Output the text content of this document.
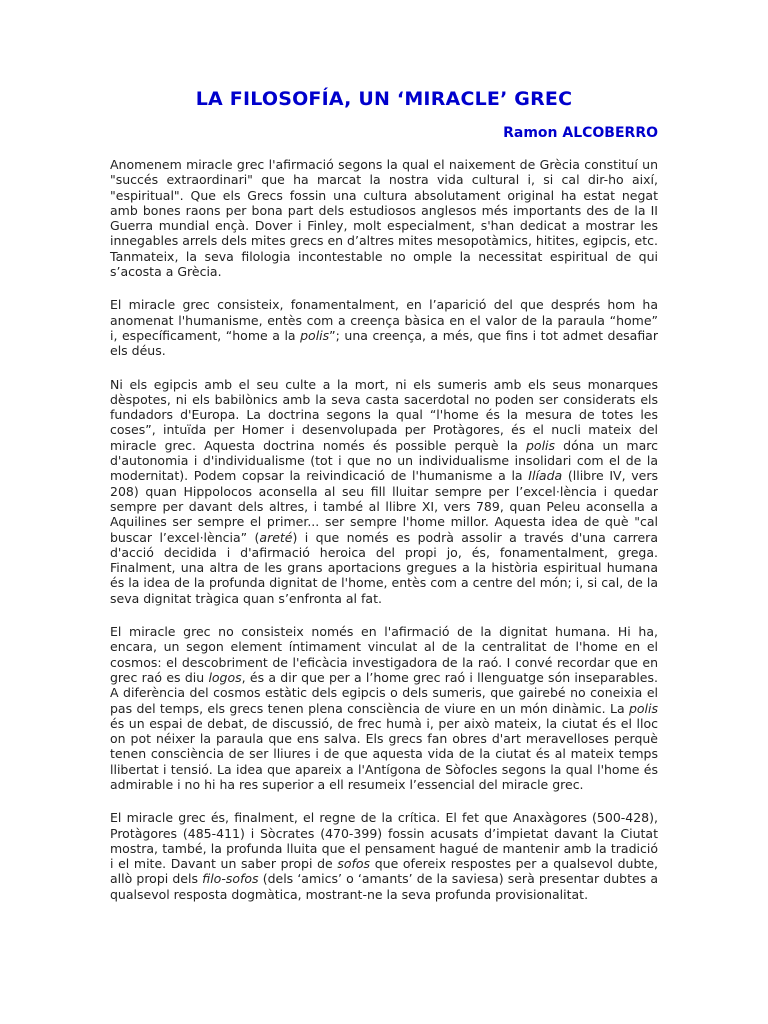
LA FILOSOFÍA, UN ‘MIRACLE’ GREC
Ramon ALCOBERRO

Anomenem miracle grec l'afirmació segons la qual el naixement de Grècia constituí un "succés extraordinari" que ha marcat la nostra vida cultural i, si cal dir-ho així, "espiritual". Que els Grecs fossin una cultura absolutament original ha estat negat amb bones raons per bona part dels estudiosos anglesos més importants des de la II Guerra mundial ençà. Dover i Finley, molt especialment, s'han dedicat a mostrar les innegables arrels dels mites grecs en d’altres mites mesopotàmics, hitites, egipcis, etc. Tanmateix, la seva filologia incontestable no omple la necessitat espiritual de qui s’acosta a Grècia.

El miracle grec consisteix, fonamentalment, en l’aparició del que després hom ha anomenat l'humanisme, entès com a creença bàsica en el valor de la paraula “home” i, específicament, “home a la polis”; una creença, a més, que fins i tot admet desafiar els déus.

Ni els egipcis amb el seu culte a la mort, ni els sumeris amb els seus monarques dèspotes, ni els babilònics amb la seva casta sacerdotal no poden ser considerats els fundadors d'Europa. La doctrina segons la qual “l'home és la mesura de totes les coses”, intuïda per Homer i desenvolupada per Protàgores, és el nucli mateix del miracle grec. Aquesta doctrina només és possible perquè la polis dóna un marc d'autonomia i d'individualisme (tot i que no un individualisme insolidari com el de la modernitat). Podem copsar la reivindicació de l'humanisme a la Ilíada (llibre IV, vers 208) quan Hippolocos aconsella al seu fill lluitar sempre per l’excel·lència i quedar sempre per davant dels altres, i també al llibre XI, vers 789, quan Peleu aconsella a Aquilines ser sempre el primer... ser sempre l'home millor. Aquesta idea de què "cal buscar l’excel·lència” (areté) i que només es podrà assolir a través d'una carrera d'acció decidida i d'afirmació heroica del propi jo, és, fonamentalment, grega. Finalment, una altra de les grans aportacions gregues a la història espiritual humana és la idea de la profunda dignitat de l'home, entès com a centre del món; i, si cal, de la seva dignitat tràgica quan s’enfronta al fat.

El miracle grec no consisteix només en l'afirmació de la dignitat humana. Hi ha, encara, un segon element íntimament vinculat al de la centralitat de l'home en el cosmos: el descobriment de l'eficàcia investigadora de la raó. I convé recordar que en grec raó es diu logos, és a dir que per a l’home grec raó i llenguatge són inseparables. A diferència del cosmos estàtic dels egipcis o dels sumeris, que gairebé no coneixia el pas del temps, els grecs tenen plena consciència de viure en un món dinàmic. La polis és un espai de debat, de discussió, de frec humà i, per això mateix, la ciutat és el lloc on pot néixer la paraula que ens salva. Els grecs fan obres d'art meravelloses perquè tenen consciència de ser lliures i de que aquesta vida de la ciutat és al mateix temps llibertat i tensió. La idea que apareix a l'Antígona de Sòfocles segons la qual l'home és admirable i no hi ha res superior a ell resumeix l’essencial del miracle grec.

El miracle grec és, finalment, el regne de la crítica. El fet que Anaxàgores (500-428), Protàgores (485-411) i Sòcrates (470-399) fossin acusats d’impietat davant la Ciutat mostra, també, la profunda lluita que el pensament hagué de mantenir amb la tradició i el mite. Davant un saber propi de sofos que ofereix respostes per a qualsevol dubte, allò propi dels filo-sofos (dels ‘amics’ o ‘amants’ de la saviesa) serà presentar dubtes a qualsevol resposta dogmàtica, mostrant-ne la seva profunda provisionalitat.
